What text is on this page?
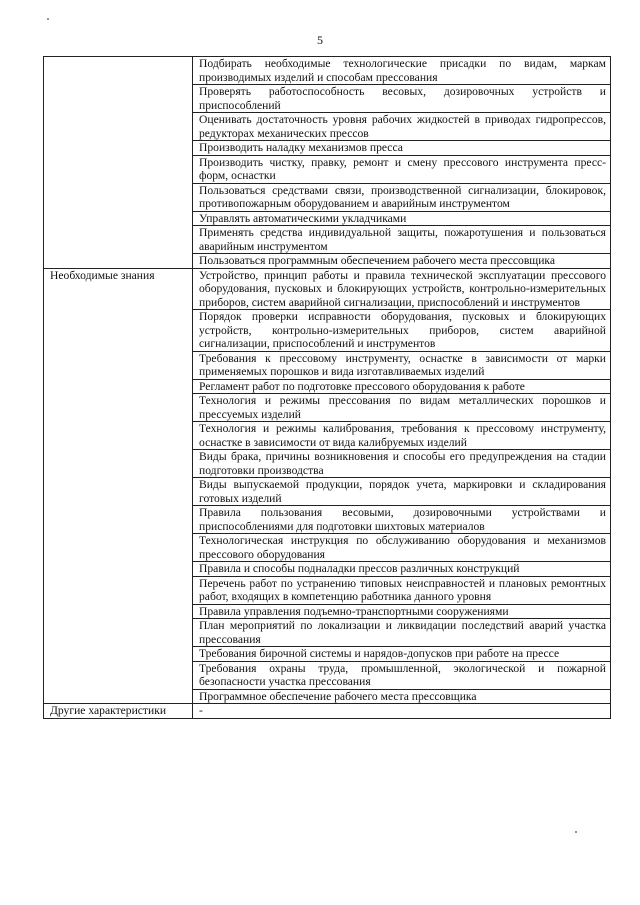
5
	Подбирать необходимые технологические присадки по видам, маркам производимых изделий и способам прессования
	Проверять работоспособность весовых, дозировочных устройств и приспособлений
	Оценивать достаточность уровня рабочих жидкостей в приводах гидропрессов, редукторах механических прессов
	Производить наладку механизмов пресса
	Производить чистку, правку, ремонт и смену прессового инструмента пресс-форм, оснастки
	Пользоваться средствами связи, производственной сигнализации, блокировок, противопожарным оборудованием и аварийным инструментом
	Управлять автоматическими укладчиками
	Применять средства индивидуальной защиты, пожаротушения и пользоваться аварийным инструментом
	Пользоваться программным обеспечением рабочего места прессовщика
Необходимые знания	Устройство, принцип работы и правила технической эксплуатации прессового оборудования, пусковых и блокирующих устройств, контрольно-измерительных приборов, систем аварийной сигнализации, приспособлений и инструментов
	Порядок проверки исправности оборудования, пусковых и блокирующих устройств, контрольно-измерительных приборов, систем аварийной сигнализации, приспособлений и инструментов
	Требования к прессовому инструменту, оснастке в зависимости от марки применяемых порошков и вида изготавливаемых изделий
	Регламент работ по подготовке прессового оборудования к работе
	Технология и режимы прессования по видам металлических порошков и прессуемых изделий
	Технология и режимы калибрования, требования к прессовому инструменту, оснастке в зависимости от вида калибруемых изделий
	Виды брака, причины возникновения и способы его предупреждения на стадии подготовки производства
	Виды выпускаемой продукции, порядок учета, маркировки и складирования готовых изделий
	Правила пользования весовыми, дозировочными устройствами и приспособлениями для подготовки шихтовых материалов
	Технологическая инструкция по обслуживанию оборудования и механизмов прессового оборудования
	Правила и способы подналадки прессов различных конструкций
	Перечень работ по устранению типовых неисправностей и плановых ремонтных работ, входящих в компетенцию работника данного уровня
	Правила управления подъемно-транспортными сооружениями
	План мероприятий по локализации и ликвидации последствий аварий участка прессования
	Требования бирочной системы и нарядов-допусков при работе на прессе
	Требования охраны труда, промышленной, экологической и пожарной безопасности участка прессования
	Программное обеспечение рабочего места прессовщика
Другие характеристики	-
